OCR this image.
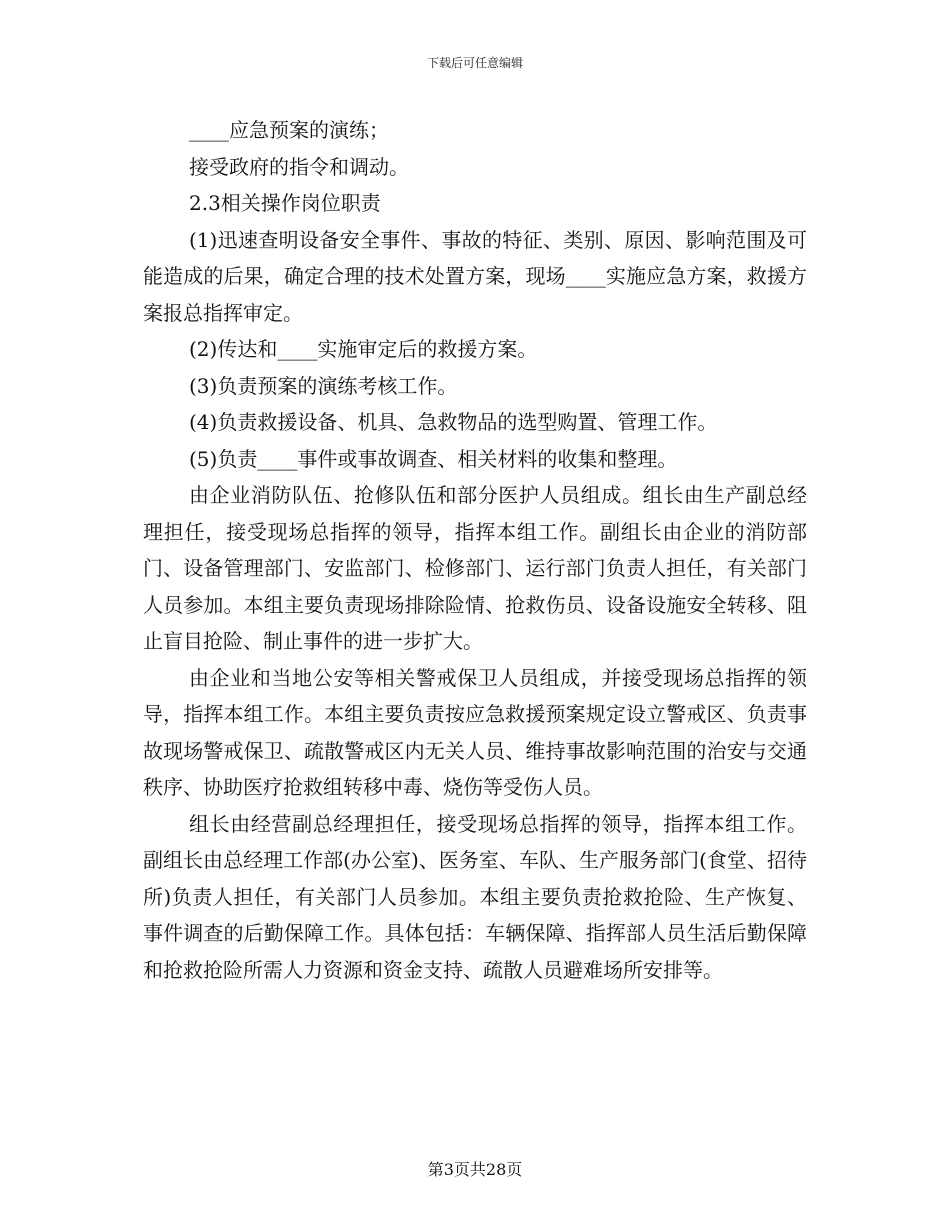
下载后可任意编辑

____应急预案的演练；

接受政府的指令和调动。

2.3相关操作岗位职责

(1)迅速查明设备安全事件、事故的特征、类别、原因、影响范围及可能造成的后果，确定合理的技术处置方案，现场____实施应急方案，救援方案报总指挥审定。

(2)传达和____实施审定后的救援方案。

(3)负责预案的演练考核工作。

(4)负责救援设备、机具、急救物品的选型购置、管理工作。

(5)负责____事件或事故调查、相关材料的收集和整理。

由企业消防队伍、抢修队伍和部分医护人员组成。组长由生产副总经理担任，接受现场总指挥的领导，指挥本组工作。副组长由企业的消防部门、设备管理部门、安监部门、检修部门、运行部门负责人担任，有关部门人员参加。本组主要负责现场排除险情、抢救伤员、设备设施安全转移、阻止盲目抢险、制止事件的进一步扩大。

由企业和当地公安等相关警戒保卫人员组成，并接受现场总指挥的领导，指挥本组工作。本组主要负责按应急救援预案规定设立警戒区、负责事故现场警戒保卫、疏散警戒区内无关人员、维持事故影响范围的治安与交通秩序、协助医疗抢救组转移中毒、烧伤等受伤人员。

组长由经营副总经理担任，接受现场总指挥的领导，指挥本组工作。副组长由总经理工作部(办公室)、医务室、车队、生产服务部门(食堂、招待所)负责人担任，有关部门人员参加。本组主要负责抢救抢险、生产恢复、事件调查的后勤保障工作。具体包括：车辆保障、指挥部人员生活后勤保障和抢救抢险所需人力资源和资金支持、疏散人员避难场所安排等。

第3页共28页
